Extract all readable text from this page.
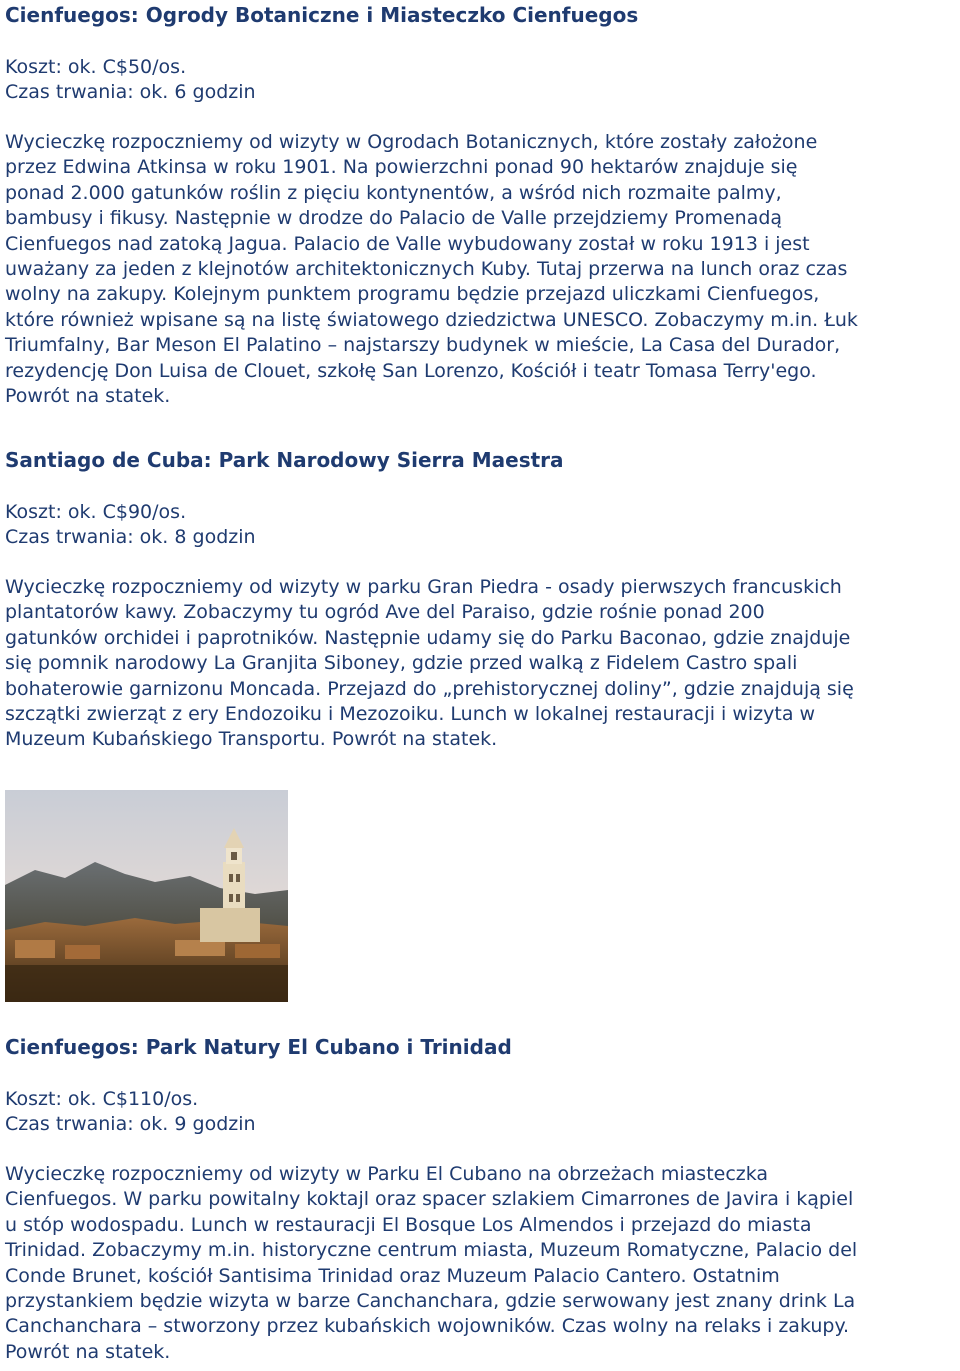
Cienfuegos: Ogrody Botaniczne i Miasteczko Cienfuegos
Koszt: ok. C$50/os.
Czas trwania: ok. 6 godzin
Wycieczkę rozpoczniemy od wizyty w Ogrodach Botanicznych, które zostały założone
przez Edwina Atkinsa w roku 1901. Na powierzchni ponad 90 hektarów znajduje się
ponad 2.000 gatunków roślin z pięciu kontynentów, a wśród nich rozmaite palmy,
bambusy i fikusy. Następnie w drodze do Palacio de Valle przejdziemy Promenadą
Cienfuegos nad zatoką Jagua. Palacio de Valle wybudowany został w roku 1913 i jest
uważany za jeden z klejnotów architektonicznych Kuby. Tutaj przerwa na lunch oraz czas
wolny na zakupy. Kolejnym punktem programu będzie przejazd uliczkami Cienfuegos,
które również wpisane są na listę światowego dziedzictwa UNESCO. Zobaczymy m.in. Łuk
Triumfalny, Bar Meson El Palatino – najstarszy budynek w mieście, La Casa del Durador,
rezydencję Don Luisa de Clouet, szkołę San Lorenzo, Kościół i teatr Tomasa Terry'ego.
Powrót na statek.
Santiago de Cuba: Park Narodowy Sierra Maestra
Koszt: ok. C$90/os.
Czas trwania: ok. 8 godzin
Wycieczkę rozpoczniemy od wizyty w parku Gran Piedra - osady pierwszych francuskich
plantatorów kawy. Zobaczymy tu ogród Ave del Paraiso, gdzie rośnie ponad 200
gatunków orchidei i paprotników. Następnie udamy się do Parku Baconao, gdzie znajduje
się pomnik narodowy La Granjita Siboney, gdzie przed walką z Fidelem Castro spali
bohaterowie garnizonu Moncada. Przejazd do „prehistorycznej doliny”, gdzie znajdują się
szczątki zwierząt z ery Endozoiku i Mezozoiku. Lunch w lokalnej restauracji i wizyta w
Muzeum Kubańskiego Transportu. Powrót na statek.
Cienfuegos: Park Natury El Cubano i Trinidad
Koszt: ok. C$110/os.
Czas trwania: ok. 9 godzin
Wycieczkę rozpoczniemy od wizyty w Parku El Cubano na obrzeżach miasteczka
Cienfuegos. W parku powitalny koktajl oraz spacer szlakiem Cimarrones de Javira i kąpiel
u stóp wodospadu. Lunch w restauracji El Bosque Los Almendos i przejazd do miasta
Trinidad. Zobaczymy m.in. historyczne centrum miasta, Muzeum Romatyczne, Palacio del
Conde Brunet, kościół Santisima Trinidad oraz Muzeum Palacio Cantero. Ostatnim
przystankiem będzie wizyta w barze Canchanchara, gdzie serwowany jest znany drink La
Canchanchara – stworzony przez kubańskich wojowników. Czas wolny na relaks i zakupy.
Powrót na statek.
